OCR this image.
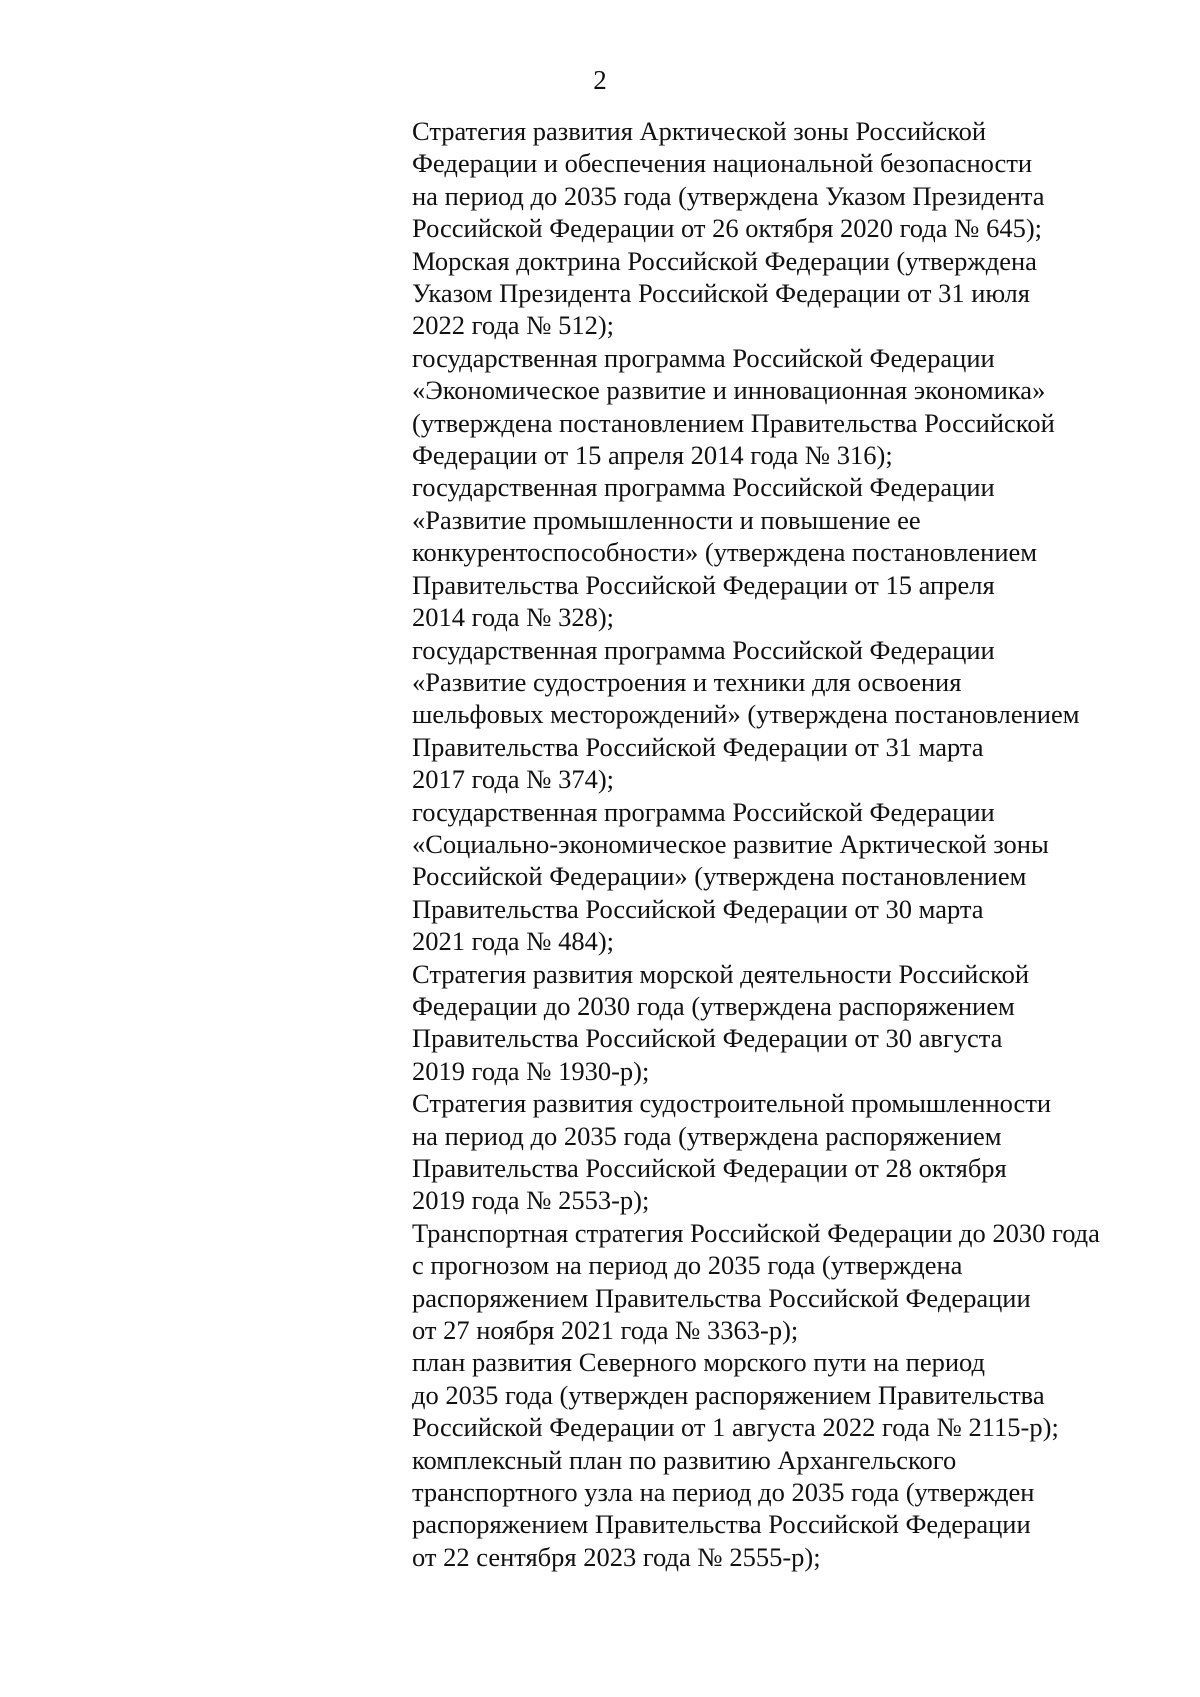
2
Стратегия развития Арктической зоны Российской
Федерации и обеспечения национальной безопасности
на период до 2035 года (утверждена Указом Президента
Российской Федерации от 26 октября 2020 года № 645);
Морская доктрина Российской Федерации (утверждена
Указом Президента Российской Федерации от 31 июля
2022 года № 512);
государственная программа Российской Федерации
«Экономическое развитие и инновационная экономика»
(утверждена постановлением Правительства Российской
Федерации от 15 апреля 2014 года № 316);
государственная программа Российской Федерации
«Развитие промышленности и повышение ее
конкурентоспособности» (утверждена постановлением
Правительства Российской Федерации от 15 апреля
2014 года № 328);
государственная программа Российской Федерации
«Развитие судостроения и техники для освоения
шельфовых месторождений» (утверждена постановлением
Правительства Российской Федерации от 31 марта
2017 года № 374);
государственная программа Российской Федерации
«Социально-экономическое развитие Арктической зоны
Российской Федерации» (утверждена постановлением
Правительства Российской Федерации от 30 марта
2021 года № 484);
Стратегия развития морской деятельности Российской
Федерации до 2030 года (утверждена распоряжением
Правительства Российской Федерации от 30 августа
2019 года № 1930-р);
Стратегия развития судостроительной промышленности
на период до 2035 года (утверждена распоряжением
Правительства Российской Федерации от 28 октября
2019 года № 2553-р);
Транспортная стратегия Российской Федерации до 2030 года
с прогнозом на период до 2035 года (утверждена
распоряжением Правительства Российской Федерации
от 27 ноября 2021 года № 3363-р);
план развития Северного морского пути на период
до 2035 года (утвержден распоряжением Правительства
Российской Федерации от 1 августа 2022 года № 2115-р);
комплексный план по развитию Архангельского
транспортного узла на период до 2035 года (утвержден
распоряжением Правительства Российской Федерации
от 22 сентября 2023 года № 2555-р);
